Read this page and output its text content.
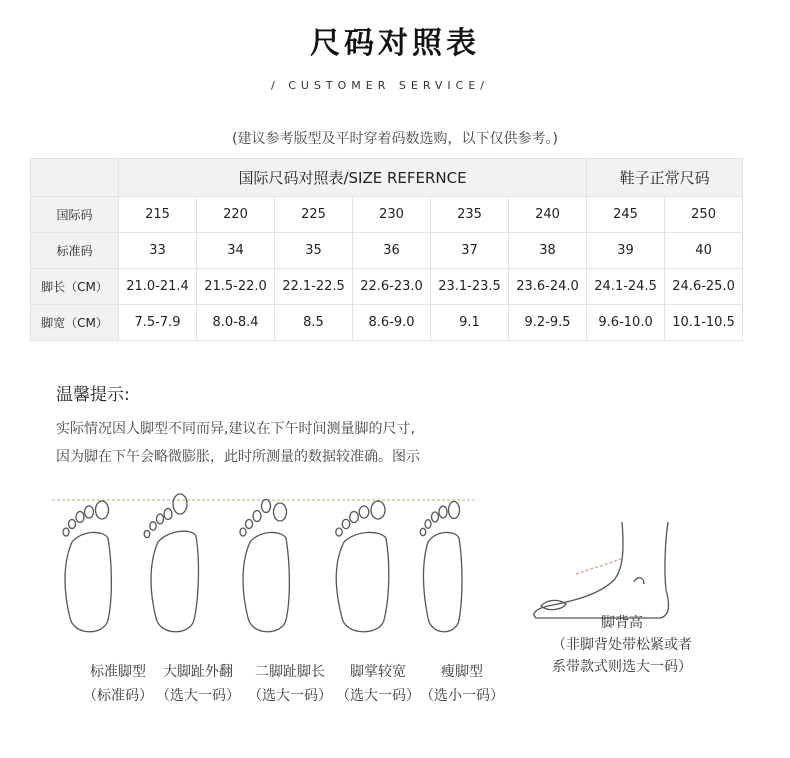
尺码对照表
/ CUSTOMER SERVICE/
(建议参考版型及平时穿着码数选购，以下仅供参考。)
	国际尺码对照表/SIZE REFERNCE						鞋子正常尺码	
国际码	215	220	225	230	235	240	245	250
标准码	33	34	35	36	37	38	39	40
脚长（CM）	21.0-21.4	21.5-22.0	22.1-22.5	22.6-23.0	23.1-23.5	23.6-24.0	24.1-24.5	24.6-25.0
脚宽（CM）	7.5-7.9	8.0-8.4	8.5	8.6-9.0	9.1	9.2-9.5	9.6-10.0	10.1-10.5
温馨提示:
实际情况因人脚型不同而异,建议在下午时间测量脚的尺寸,
因为脚在下午会略微膨胀，此时所测量的数据较准确。图示
标准脚型
（标准码）
大脚趾外翻
（选大一码）
二脚趾脚长
（选大一码）
脚掌较宽
（选大一码）
瘦脚型
（选小一码）
脚背高
（非脚背处带松紧或者
系带款式则选大一码）
